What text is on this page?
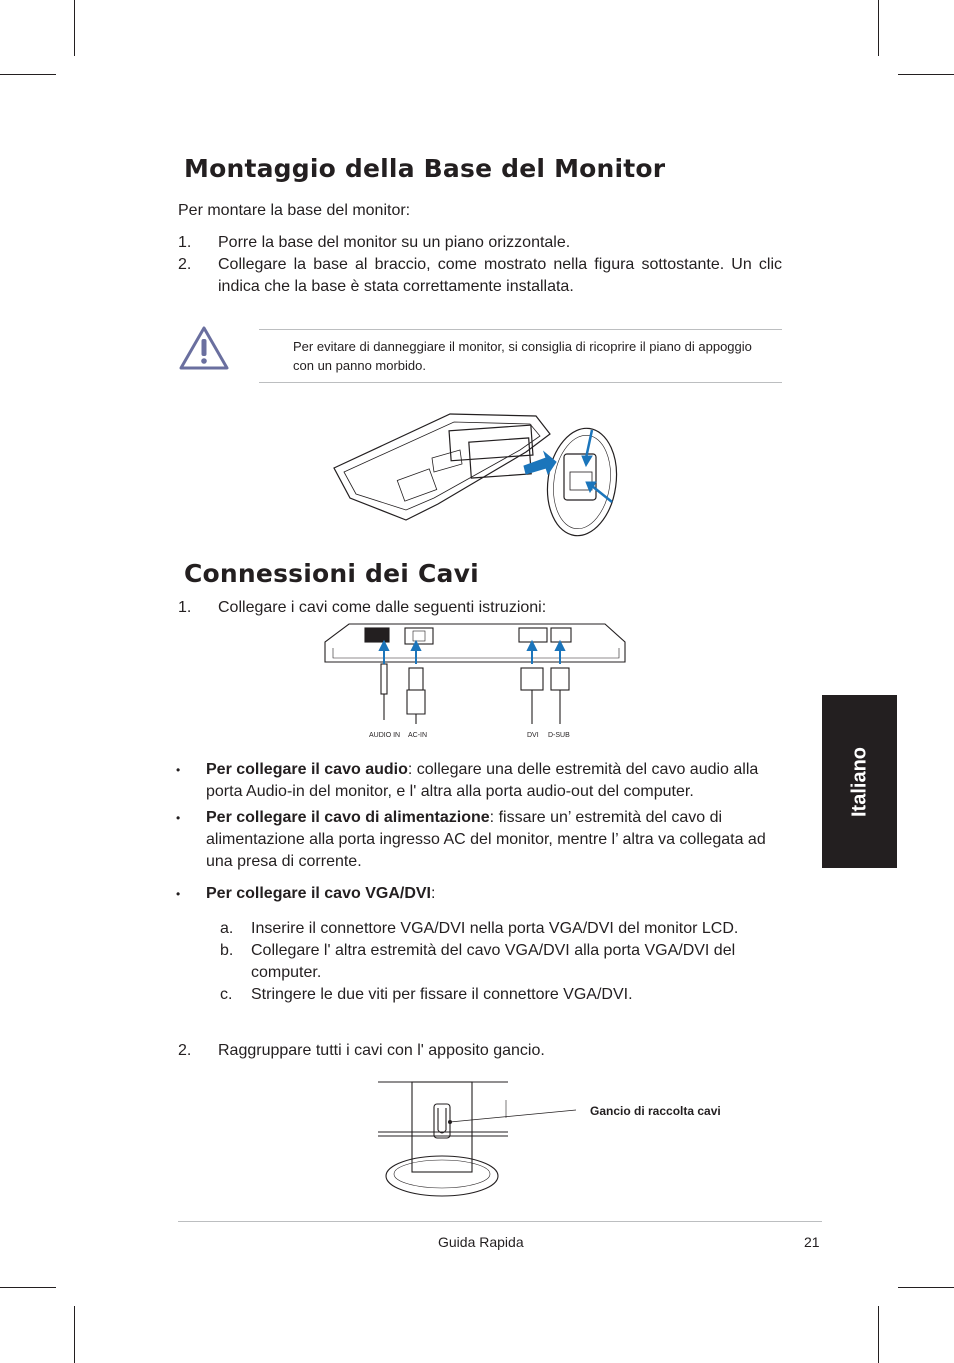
Montaggio della Base del Monitor
Per montare la base del monitor:
1. Porre la base del monitor su un piano orizzontale.
2. Collegare la base al braccio, come mostrato nella figura sottostante. Un clic indica che la base è stata correttamente installata.
Per evitare di danneggiare il monitor, si consiglia di ricoprire il piano di appoggio con un panno morbido.
Connessioni dei Cavi
1. Collegare i cavi come dalle seguenti istruzioni:
AUDIO IN AC-IN	DVI D-SUB
• Per collegare il cavo audio: collegare una delle estremità del cavo audio alla porta Audio-in del monitor, e l' altra alla porta audio-out del computer.
• Per collegare il cavo di alimentazione: fissare un’ estremità del cavo di alimentazione alla porta ingresso AC del monitor, mentre l’ altra va collegata ad una presa di corrente.
• Per collegare il cavo VGA/DVI:
a. Inserire il connettore VGA/DVI nella porta VGA/DVI del monitor LCD.
b. Collegare l' altra estremità del cavo VGA/DVI alla porta VGA/DVI del computer.
c. Stringere le due viti per fissare il connettore VGA/DVI.
2. Raggruppare tutti i cavi con l' apposito gancio.
Gancio di raccolta cavi
Italiano
Guida Rapida	21
